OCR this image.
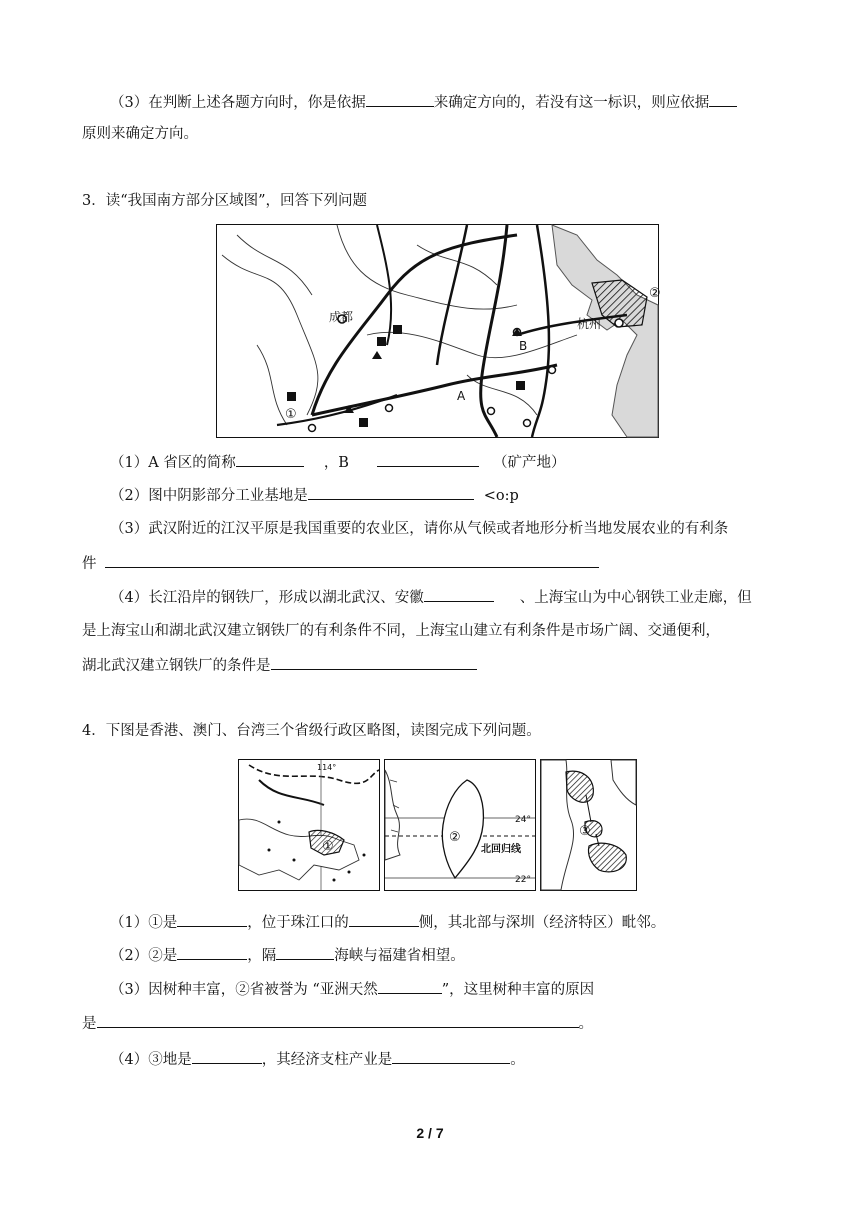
（3）在判断上述各题方向时，你是依据	来确定方向的，若没有这一标识，则应依据
原则来确定方向。
3．读“我国南方部分区域图”，回答下列问题
成都	杭州
A
B
①
②
（1）A 省区的简称	，B	（矿产地）
（2）图中阴影部分工业基地是	<o:p
（3）武汉附近的江汉平原是我国重要的农业区，请你从气候或者地形分析当地发展农业的有利条
件
（4）长江沿岸的钢铁厂，形成以湖北武汉、安徽	、上海宝山为中心钢铁工业走廊，但
是上海宝山和湖北武汉建立钢铁厂的有利条件不同，上海宝山建立有利条件是市场广阔、交通便利，
湖北武汉建立钢铁厂的条件是
4．下图是香港、澳门、台湾三个省级行政区略图，读图完成下列问题。
114°
①
24°
北回归线
22°
②	③
（1）①是	，位于珠江口的	侧，其北部与深圳（经济特区）毗邻。
（2）②是	，隔	海峡与福建省相望。
（3）因树种丰富，②省被誉为 “亚洲天然	”，这里树种丰富的原因
是	。
（4）③地是	，其经济支柱产业是	。
2 / 7
